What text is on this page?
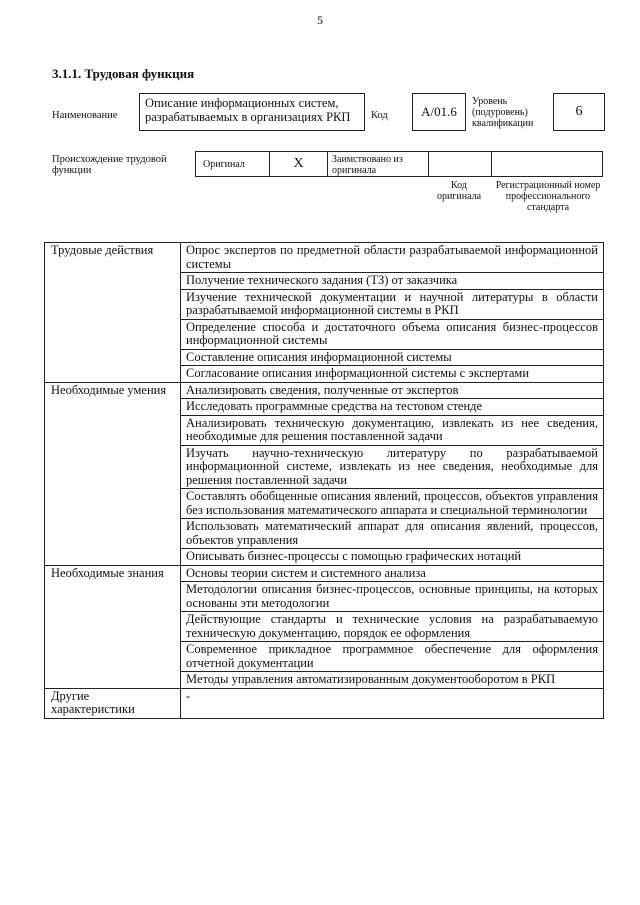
5
3.1.1. Трудовая функция
Наименование
Описание информационных систем, разрабатываемых в организациях РКП	Код	А/01.6
Уровень (подуровень) квалификации
6
Происхождение трудовой функции
Оригинал	X	Заимствовано из оригинала
Код оригинала
Регистрационный номер профессионального стандарта
Трудовые действия	Опрос экспертов по предметной области разрабатываемой информационной системы
	Получение технического задания (ТЗ) от заказчика
	Изучение технической документации и научной литературы в области разрабатываемой информационной системы в РКП
	Определение способа и достаточного объема описания бизнес-процессов информационной системы
	Составление описания информационной системы
	Согласование описания информационной системы с экспертами

Необходимые умения	Анализировать сведения, полученные от экспертов
	Исследовать программные средства на тестовом стенде
	Анализировать техническую документацию, извлекать из нее сведения, необходимые для решения поставленной задачи
	Изучать научно-техническую литературу по разрабатываемой информационной системе, извлекать из нее сведения, необходимые для решения поставленной задачи
	Составлять обобщенные описания явлений, процессов, объектов управления без использования математического аппарата и специальной терминологии
	Использовать математический аппарат для описания явлений, процессов, объектов управления
	Описывать бизнес-процессы с помощью графических нотаций

Необходимые знания	Основы теории систем и системного анализа
	Методологии описания бизнес-процессов, основные принципы, на которых основаны эти методологии
	Действующие стандарты и технические условия на разрабатываемую техническую документацию, порядок ее оформления
	Современное прикладное программное обеспечение для оформления отчетной документации
	Методы управления автоматизированным документооборотом в РКП

Другие характеристики	-
